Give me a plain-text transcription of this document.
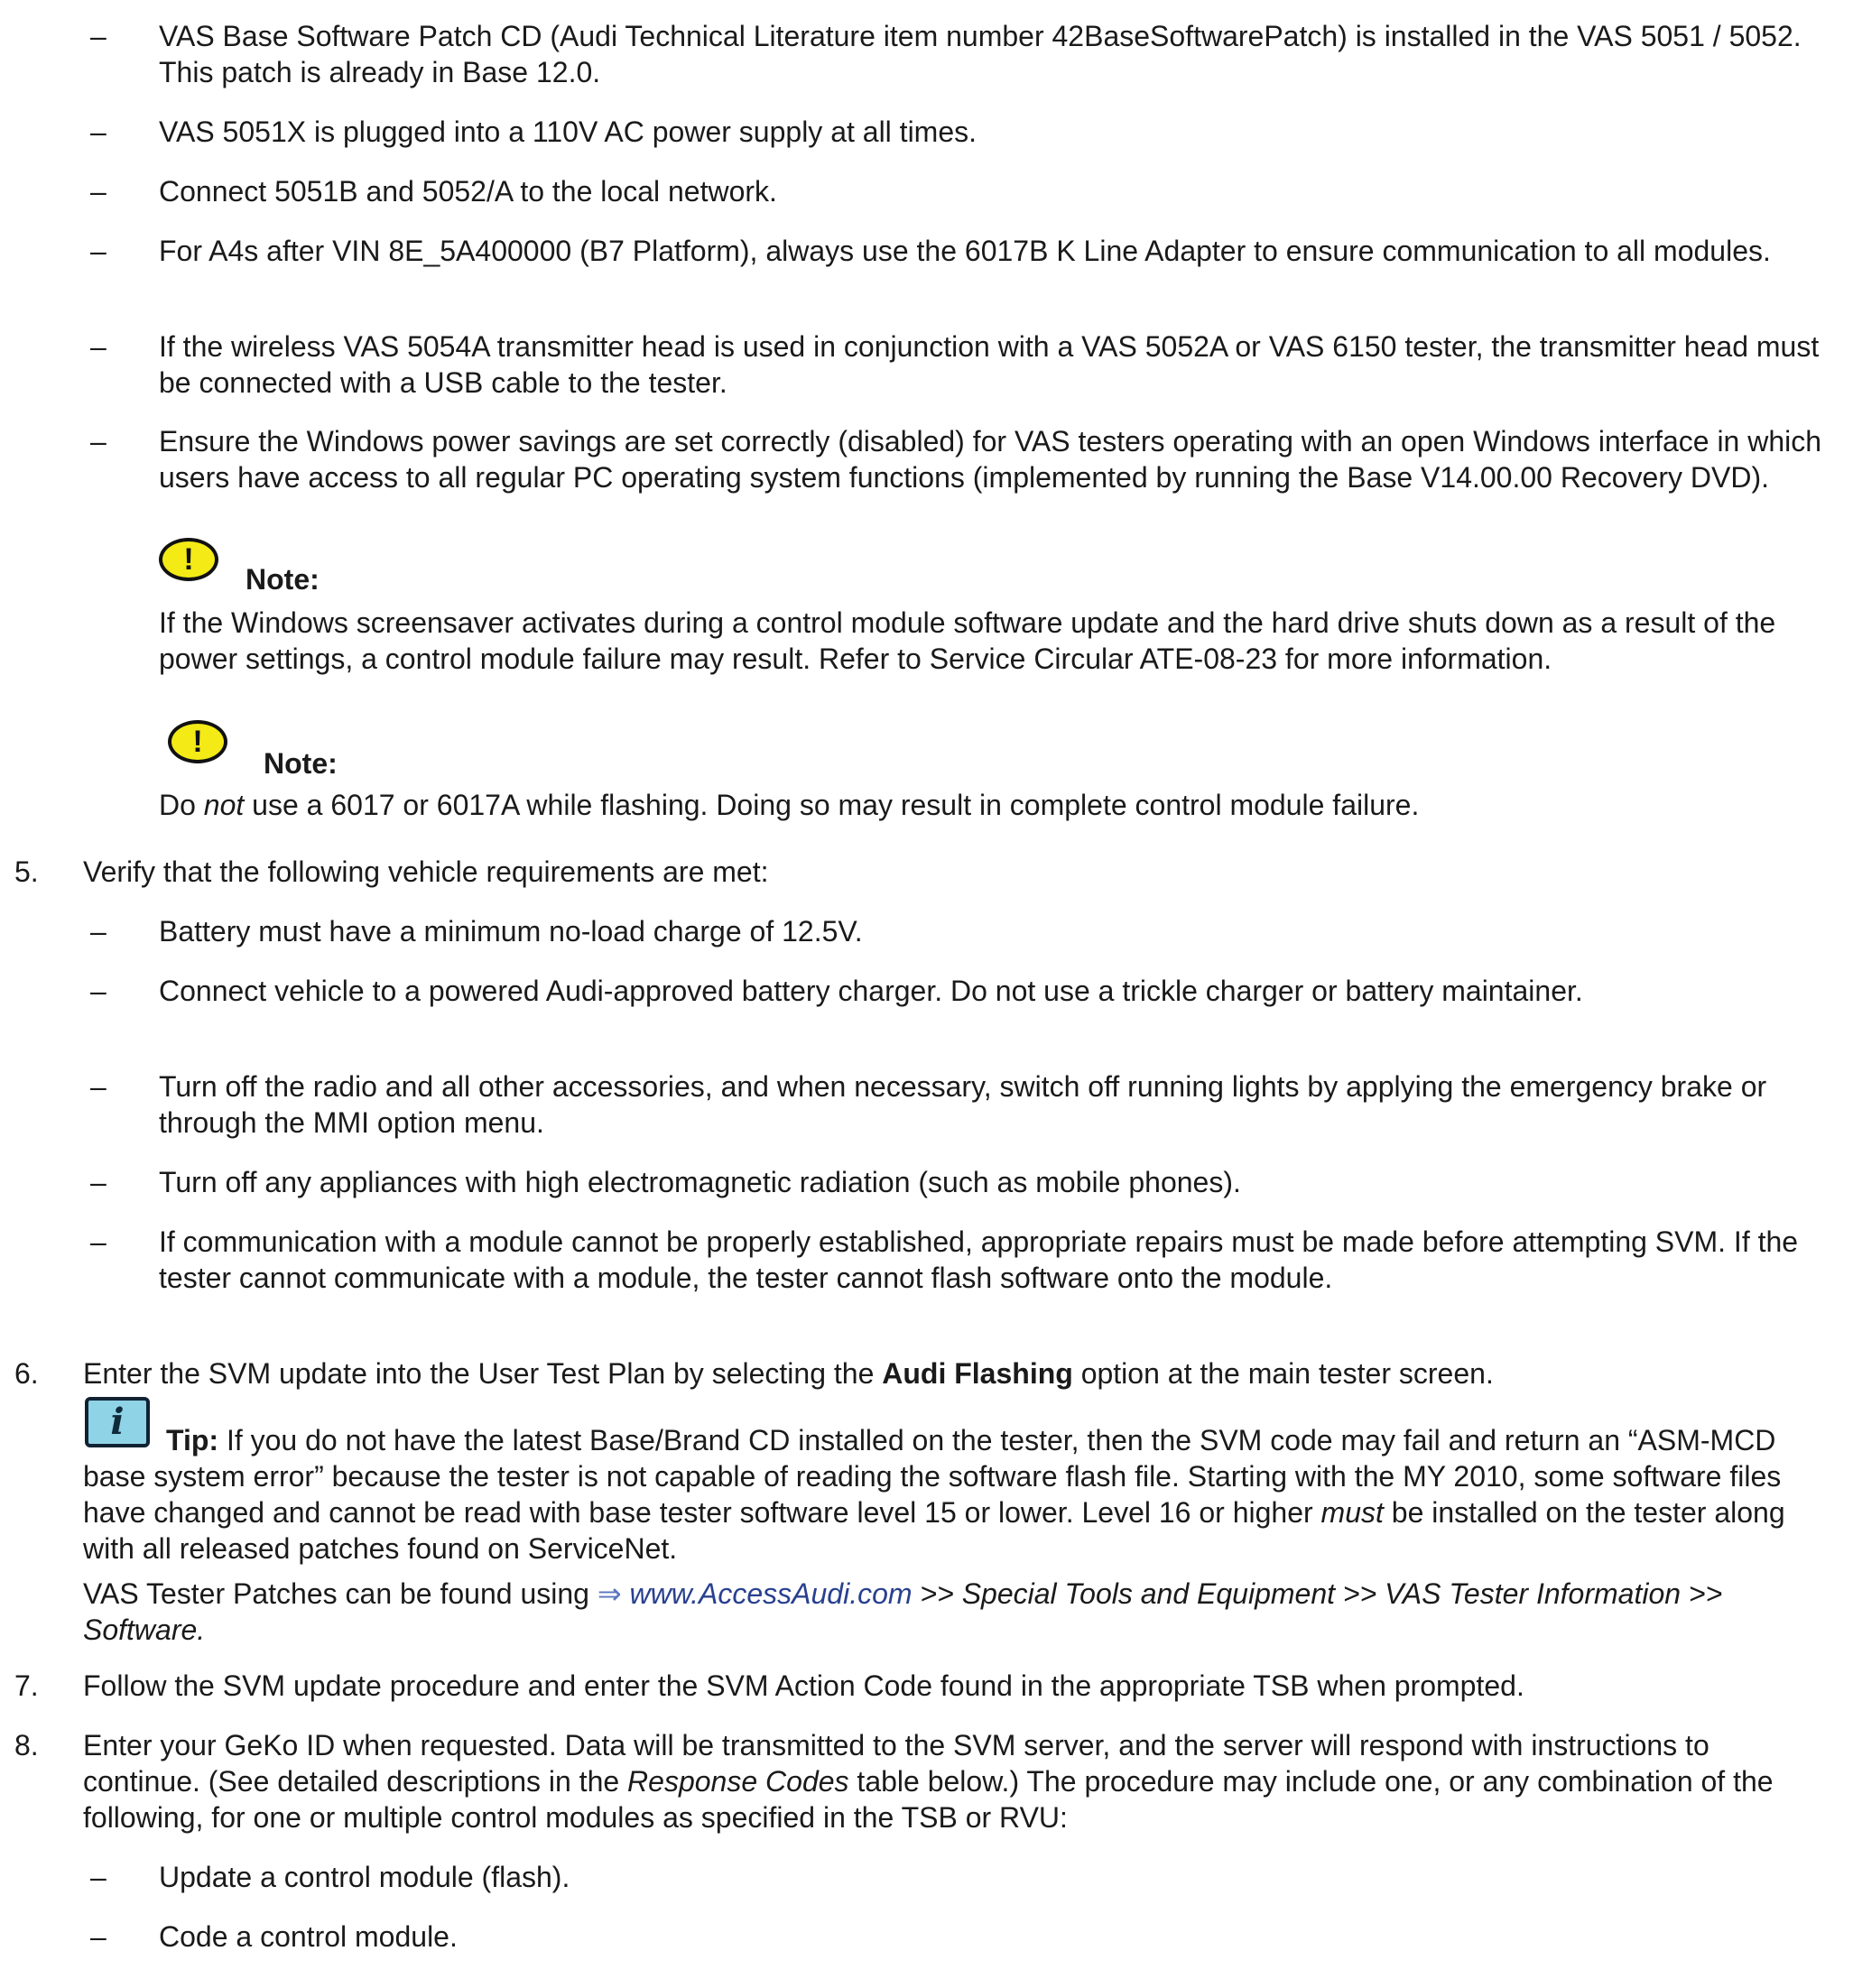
–	VAS Base Software Patch CD (Audi Technical Literature item number 42BaseSoftwarePatch) is installed in the VAS 5051 / 5052. This patch is already in Base 12.0.

–	VAS 5051X is plugged into a 110V AC power supply at all times.

–	Connect 5051B and 5052/A to the local network.

–	For A4s after VIN 8E_5A400000 (B7 Platform), always use the 6017B K Line Adapter to ensure communication to all modules.

–	If the wireless VAS 5054A transmitter head is used in conjunction with a VAS 5052A or VAS 6150 tester, the transmitter head must be connected with a USB cable to the tester.

–	Ensure the Windows power savings are set correctly (disabled) for VAS testers operating with an open Windows interface in which users have access to all regular PC operating system functions (implemented by running the Base V14.00.00 Recovery DVD).

!
Note:

If the Windows screensaver activates during a control module software update and the hard drive shuts down as a result of the power settings, a control module failure may result. Refer to Service Circular ATE-08-23 for more information.

!
Note:

Do not use a 6017 or 6017A while flashing. Doing so may result in complete control module failure.

5.	Verify that the following vehicle requirements are met:

–	Battery must have a minimum no-load charge of 12.5V.

–	Connect vehicle to a powered Audi-approved battery charger. Do not use a trickle charger or battery maintainer.

–	Turn off the radio and all other accessories, and when necessary, switch off running lights by applying the emergency brake or through the MMI option menu.

–	Turn off any appliances with high electromagnetic radiation (such as mobile phones).

–	If communication with a module cannot be properly established, appropriate repairs must be made before attempting SVM. If the tester cannot communicate with a module, the tester cannot flash software onto the module.

6.	Enter the SVM update into the User Test Plan by selecting the Audi Flashing option at the main tester screen.

i	Tip: If you do not have the latest Base/Brand CD installed on the tester, then the SVM code may fail and return an “ASM-MCD base system error” because the tester is not capable of reading the software flash file. Starting with the MY 2010, some software files have changed and cannot be read with base tester software level 15 or lower. Level 16 or higher must be installed on the tester along with all released patches found on ServiceNet.

VAS Tester Patches can be found using ⇒ www.AccessAudi.com >> Special Tools and Equipment >> VAS Tester Information >> Software.

7.	Follow the SVM update procedure and enter the SVM Action Code found in the appropriate TSB when prompted.

8.	Enter your GeKo ID when requested. Data will be transmitted to the SVM server, and the server will respond with instructions to continue. (See detailed descriptions in the Response Codes table below.) The procedure may include one, or any combination of the following, for one or multiple control modules as specified in the TSB or RVU:

–	Update a control module (flash).

–	Code a control module.
